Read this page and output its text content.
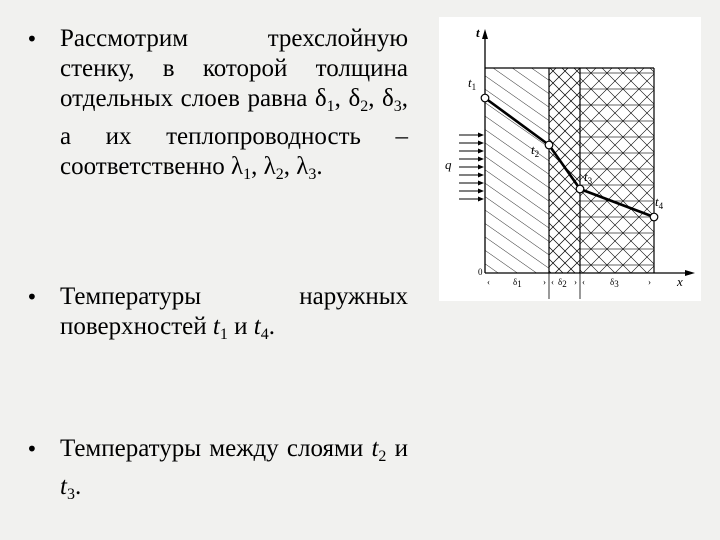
• Рассмотрим трехслойную стенку, в которой толщина отдельных слоев равна $\delta_1$, $\delta_2$, $\delta_3$, а их теплопроводность – соответственно $\lambda_1$, $\lambda_2$, $\lambda_3$.
• Температуры наружных поверхностей $t_1$ и $t_4$.
• Температуры между слоями $t_2$ и $t_3$.
t
x
0
q
t1
t2
t3
t4
‹	› ‹ › ‹	›
δ1	δ2	δ3
